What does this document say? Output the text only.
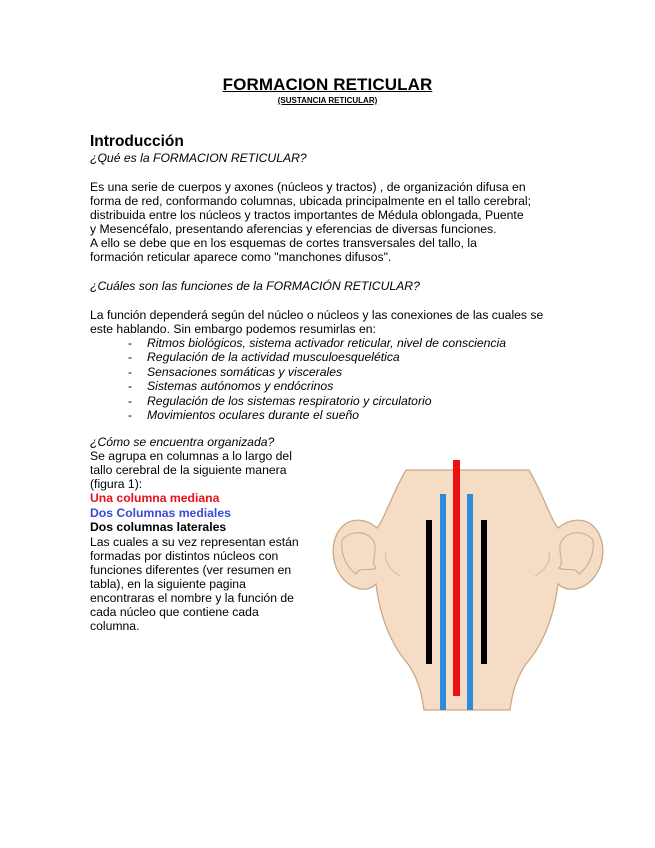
FORMACION RETICULAR
(SUSTANCIA RETICULAR)
Introducción
¿Qué es la FORMACION RETICULAR?
Es una serie de cuerpos y axones (núcleos y tractos) , de organización difusa en
forma de red, conformando columnas, ubicada principalmente en el tallo cerebral;
distribuida entre los núcleos y tractos importantes de Médula oblongada, Puente
y Mesencéfalo, presentando aferencias y eferencias de diversas funciones.
A ello se debe que en los esquemas de cortes transversales del tallo, la
formación reticular aparece como "manchones difusos".
¿Cuáles son las funciones de la FORMACIÓN RETICULAR?
La función dependerá según del núcleo o núcleos y las conexiones de las cuales se
este hablando. Sin embargo podemos resumirlas en:
- Ritmos biológicos, sistema activador reticular, nivel de consciencia
- Regulación de la actividad musculoesquelética
- Sensaciones somáticas y viscerales
- Sistemas autónomos y endócrinos
- Regulación de los sistemas respiratorio y circulatorio
- Movimientos oculares durante el sueño
¿Cómo se encuentra organizada?
Se agrupa en columnas a lo largo del
tallo cerebral de la siguiente manera
(figura 1):
Una columna mediana
Dos Columnas mediales
Dos columnas laterales
Las cuales a su vez representan están
formadas por distintos núcleos con
funciones diferentes (ver resumen en
tabla), en la siguiente pagina
encontraras el nombre y la función de
cada núcleo que contiene cada
columna.
